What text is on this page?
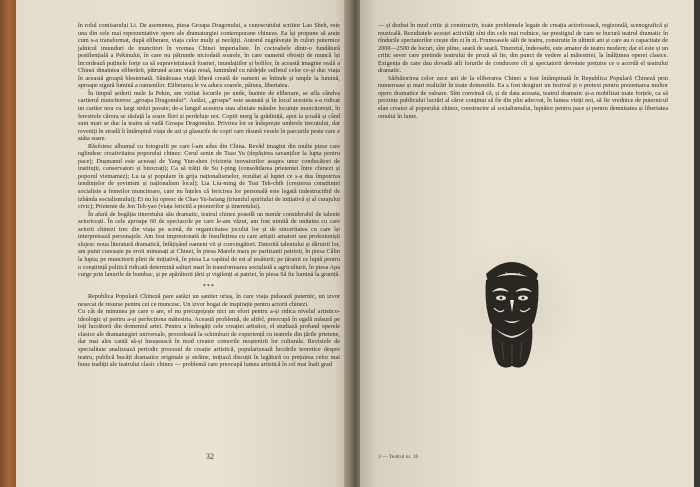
în rolul comisarului Li. De asemenea, piesa Groapa Dragonului, a cunoscutului scriitor Lao Sheh, este una din cele mai reprezentative opere ale dramaturgiei contemporane chineze. Ea își propune să arate cum s-a transformat, după eliberare, viața celor mulți și necăjiți. Autorul zugrăvește în culori puternice jalnicul imunduri de muncitori în vremea Chinei imperialiste. În cocioabele dintr-o fundătură pestilențială a Pekinului, în care nu pătrunde niciodată soarele, în care oamenii obosiți de muncă își încordează puținele forțe ca să supraviețuiască foamei, inundațiilor și bolilor, în această imagine reală a Chinei dinaintea eliberării, pătrund acum viața nouă, luminând cu nădejde sufletul celor ce-și duc viața în această groapă blestemată. Sănătoasa viață liberă creată de oameni se întinde și umple la lumină, aproape sigură lumină a oamenilor. Eliberarea le va aduce soarele, pâinea, libertatea.

În timpul șederii mele la Pekin, am vizitat locurile pe unde, înainte de eliberare, se afla cândva cartierul muncitoresc „groapa Dragonului”. Astăzi, „groapa” este asanată și în locul acesteia s-a ridicat un cartier nou cu largi străzi pavate; de-a lungul acestora stau aliniate mândre locuințe muncitorești, în ferestrele cărora se răsfață la soare flori și perdeluțe noi. Copiii merg la grădiniță, apoi la școală și când sunt mari se duc la teatru să vadă Groapa Dragonului. Privirea lor se înăsprește umbrele trecutului, dar reveniți în stradă îi întâmpină viața de azi și glasurile de copii care răsună vesele în parcurile peste care e atâta soare.

Răsfoiesc albumul cu fotografii pe care l-am adus din China. Revăd imagini din multe piese care oglindesc creativitatea poporului chinez: Cerul senin de Tsao Yu (depășirea savanților la lupta pentru pace); Dușmanul este aceeași de Yang Yun-shen (victoria inovatorilor asupra unor conducători de instituții, conservatori și birocrați); Ca să trăiți de Su I-ping (consolidarea prieteniei între chinezi și poporul vietnamez); Lu ta și populare în grija naționalismelor, rezultat al luptei ce s-a dus împotriva tendințelor de șovinism și naționalism local); Lia Liu-ming de Tsai Teh-chih (creșterea conștiinței socialiste a femeilor muncitoare, care nu înțeles că fericirea lor personală este legată indestructibil de izbânda socialismului); Ei nu își opresc de Chao Yu-hsiang (triumful spiritului de inițiativă și al curajului civic); Prietenie de Jen Teh-yao (viața fericită a pionierilor și tineretului).

În afară de bogăția tineretului său dramatic, teatrul chinez posedă un număr considerabil de talente actoricești. În cele aproape 60 de spectacole pe care le-am văzut, am fost uimită de unitatea cu care actorii chinezi trec din viața pe scenă, de organicitatea jocului lor și de sinceritatea cu care își interpretează personajele. Am fost impresionată de însuflețirea cu care artiștii amatori sau profesioniști slujesc noua literatură dramatică, înfățișând oameni vii și convingători. Datorită talentului și dăruirii lor, am putut cunoaște pe eroii minunați ai Chinei, în piesa Marele marș pe partizanii patrioti, în piesa Câlin la lupta; pe muncitorii plini de inițiativă, în piesa La capătul de est al țesăturii; pe țăranii ce luptă pentru o conștiință politică ridicată determină salturi mari în transformarea socialistă a agriculturii, în piesa Apa curge prin lanurile de bumbac, și pe apărătorii țării și vigilenți ai patriei, în piesa Să fie lumină la graniță.

***

Republica Populară Chineză pare astăzi un șantier uriaș, în care viața pulsează puternic, un izvor nesecat de resurse pentru cei ce muncesc. Un izvor bogat de inspirație pentru actorii chinezi.

Cu cât de minunea pe care o are, el nu precupețește nici un efort pentru a-și ridica nivelul artistico-ideologic și pentru a-și perfecționa măiestria. Această problemă, de altfel, preocupă în egală măsură pe toți lucrătorii din domeniul artei. Pentru a îmbogăți cele creației artistice, el studiază profund operele clasice ale dramaturgiei universale, procedează la schimburi de experiență cu teatrele din țările prietene, dar mai ales caută să-și însușească în mod creator comorile moștenirii lor culturale. Revistele de specialitate analizează periodic procesul de creație artistică, popularizează lucrările teoretice despre teatru, publică bucăți dramatice originale și străine, inițiază discuții în legătură cu prețuirea celor mai bune tradiții ale teatrului clasic chinez — problemă care preocupă lumea artistică în cel mai înalt grad

32

— și dezbat în mod critic și constructiv, toate problemele legate de creația actoricească, regizorală, scenografică și muzicală. Rezultatele acestei activități sînt din cele mai rodnice, iar prestigiul de care se bucură teatrul dramatic în rîndurile spectatorilor crește din zi în zi. Frumoasele săli de teatru, construite în ultimii ani și care au o capacitate de 2000—2500 de locuri, sînt pline, seară de seară. Tineretul, îndeosebi, este amator de teatru modern; dar el este și un critic sever care pretinde teatrului de proză să fie, din punct de vedere al măiestriei, la înălțimea operei clasice. Exigența de care dau dovadă atît forurile de conducere cît și spectatorii devotate prețuire ce o acordă el teatrului dramatic.

Sărbătorirea celor zece ani de la eliberarea Chinei a fost întâmpinată în Republica Populară Chineză prin numeroase și mari realizări în toate domeniile. Ea a fost dezgiuri un festival și o pretext pentru prezentarea multor opere dramatice de valoare. Sînt convinsă că, și de data aceasta, teatrul dramatic și-a mobilizat toate forțele, ca să prezinte publicului lucrări al căror conținut să fie din plin adecvat, în lumea vieții noi, să fie vrednice de puternicul elan creator al poporului chinez, constructor al socialismului, luptător pentru pace și pentru demnitatea și libertatea omului în lume.

3 — Teatrul nr. 10
